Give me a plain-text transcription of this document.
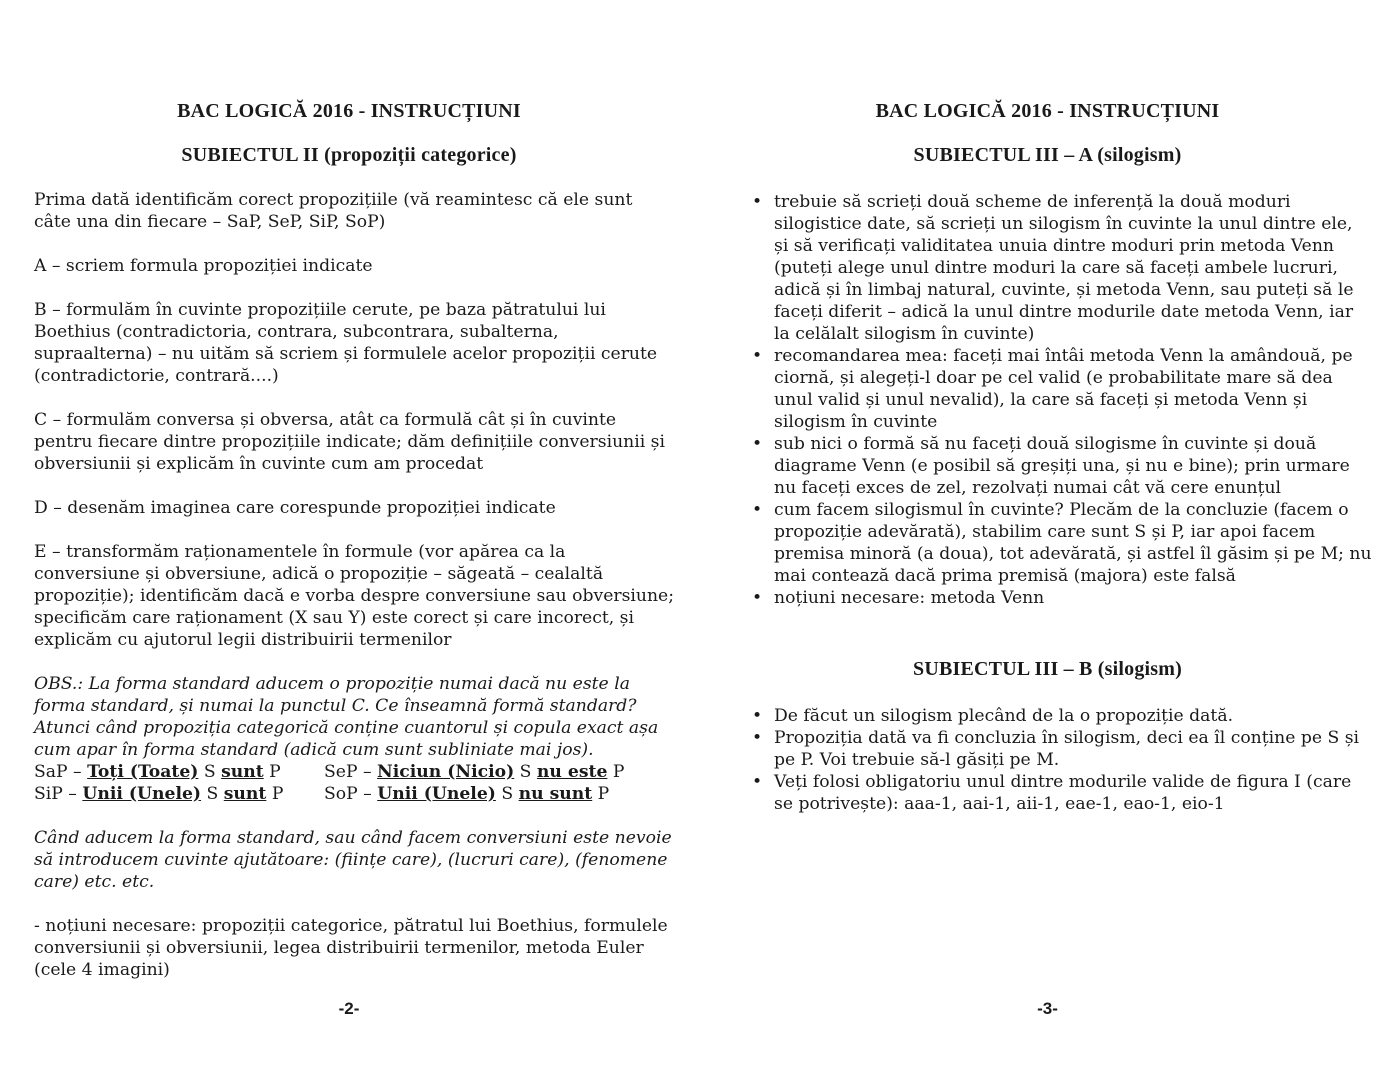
BAC LOGICĂ 2016 - INSTRUCȚIUNI
SUBIECTUL II (propoziții categorice)

Prima dată identificăm corect propozițiile (vă reamintesc că ele sunt câte una din fiecare – SaP, SeP, SiP, SoP)

A – scriem formula propoziției indicate

B – formulăm în cuvinte propozițiile cerute, pe baza pătratului lui Boethius (contradictoria, contrara, subcontrara, subalterna, supraalterna) – nu uităm să scriem și formulele acelor propoziții cerute (contradictorie, contrară....)

C – formulăm conversa și obversa, atât ca formulă cât și în cuvinte pentru fiecare dintre propozițiile indicate; dăm definițiile conversiunii și obversiunii și explicăm în cuvinte cum am procedat

D – desenăm imaginea care corespunde propoziției indicate

E – transformăm raționamentele în formule (vor apărea ca la conversiune și obversiune, adică o propoziție – săgeată – cealaltă propoziție); identificăm dacă e vorba despre conversiune sau obversiune; specificăm care raționament (X sau Y) este corect și care incorect, și explicăm cu ajutorul legii distribuirii termenilor

OBS.: La forma standard aducem o propoziție numai dacă nu este la forma standard, și numai la punctul C. Ce înseamnă formă standard? Atunci când propoziția categorică conține cuantorul și copula exact așa cum apar în forma standard (adică cum sunt subliniate mai jos).

SaP – Toți (Toate) S sunt P	SeP – Niciun (Nicio) S nu este P
SiP – Unii (Unele) S sunt P SoP – Unii (Unele) S nu sunt P

Când aducem la forma standard, sau când facem conversiuni este nevoie să introducem cuvinte ajutătoare: (ființe care), (lucruri care), (fenomene care) etc. etc.

- noțiuni necesare: propoziții categorice, pătratul lui Boethius, formulele conversiunii și obversiunii, legea distribuirii termenilor, metoda Euler (cele 4 imagini)

-2-
BAC LOGICĂ 2016 - INSTRUCȚIUNI
SUBIECTUL III – A (silogism)
• trebuie să scrieți două scheme de inferență la două moduri silogistice date, să scrieți un silogism în cuvinte la unul dintre ele, și să verificați validitatea unuia dintre moduri prin metoda Venn (puteți alege unul dintre moduri la care să faceți ambele lucruri, adică și în limbaj natural, cuvinte, și metoda Venn, sau puteți să le faceți diferit – adică la unul dintre modurile date metoda Venn, iar la celălalt silogism în cuvinte)
• recomandarea mea: faceți mai întâi metoda Venn la amândouă, pe ciornă, și alegeți-l doar pe cel valid (e probabilitate mare să dea unul valid și unul nevalid), la care să faceți și metoda Venn și silogism în cuvinte
• sub nici o formă să nu faceți două silogisme în cuvinte și două diagrame Venn (e posibil să greșiți una, și nu e bine); prin urmare nu faceți exces de zel, rezolvați numai cât vă cere enunțul
• cum facem silogismul în cuvinte? Plecăm de la concluzie (facem o propoziție adevărată), stabilim care sunt S și P, iar apoi facem premisa minoră (a doua), tot adevărată, și astfel îl găsim și pe M; nu mai contează dacă prima premisă (majora) este falsă
• noțiuni necesare: metoda Venn
SUBIECTUL III – B (silogism)
• De făcut un silogism plecând de la o propoziție dată.
• Propoziția dată va fi concluzia în silogism, deci ea îl conține pe S și pe P. Voi trebuie să-l găsiți pe M.
• Veți folosi obligatoriu unul dintre modurile valide de figura I (care se potrivește): aaa-1, aai-1, aii-1, eae-1, eao-1, eio-1
-3-
